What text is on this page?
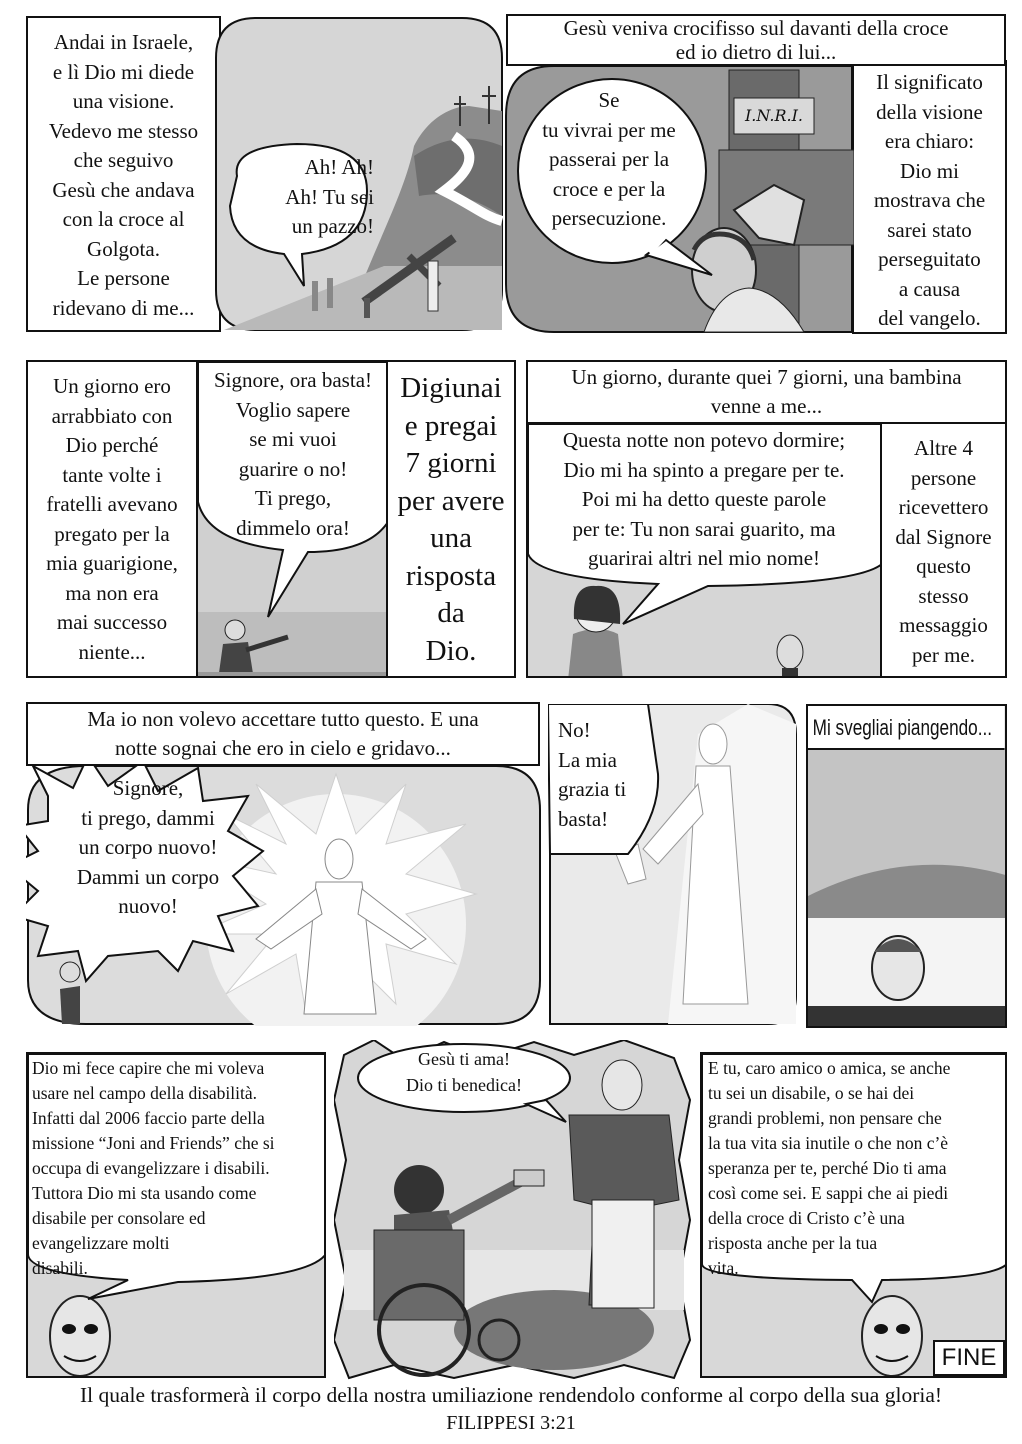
Andai in Israele,
e lì Dio mi diede
una visione.
Vedevo me stesso
che seguivo
Gesù che andava
con la croce al
Golgota.
Le persone
ridevano di me...
Ah! Ah!
Ah! Tu sei
un pazzo!
Gesù veniva crocifisso sul davanti della croce
ed io dietro di lui...
I.N.R.I.
Se
tu vivrai per me
passerai per la
croce e per la
persecuzione.
Il significato
della visione
era chiaro:
Dio mi
mostrava che
sarei stato
perseguitato
a causa
del vangelo.
Un giorno ero
arrabbiato con
Dio perché
tante volte i
fratelli avevano
pregato per la
mia guarigione,
ma non era
mai successo
niente...
Signore, ora basta!
Voglio sapere
se mi vuoi
guarire o no!
Ti prego,
dimmelo ora!
Digiunai
e pregai
7 giorni
per avere
una
risposta
da
Dio.
Un giorno, durante quei 7 giorni, una bambina
venne a me...
Questa notte non potevo dormire;
Dio mi ha spinto a pregare per te.
Poi mi ha detto queste parole
per te: Tu non sarai guarito, ma
guarirai altri nel mio nome!
Altre 4
persone
ricevettero
dal Signore
questo
stesso
messaggio
per me.
Ma io non volevo accettare tutto questo. E una
notte sognai che ero in cielo e gridavo...
Signore,
ti prego, dammi
un corpo nuovo!
Dammi un corpo
nuovo!
No!
La mia
grazia ti
basta!
Mi svegliai piangendo...
Dio mi fece capire che mi voleva
usare nel campo della disabilità.
Infatti dal 2006 faccio parte della
missione “Joni and Friends” che si
occupa di evangelizzare i disabili.
Tuttora Dio mi sta usando come
disabile per consolare ed
evangelizzare molti
disabili.
Gesù ti ama!
Dio ti benedica!
E tu, caro amico o amica, se anche
tu sei un disabile, o se hai dei
grandi problemi, non pensare che
la tua vita sia inutile o che non c’è
speranza per te, perché Dio ti ama
così come sei. E sappi che ai piedi
della croce di Cristo c’è una
risposta anche per la tua
vita.
FINE
Il quale trasformerà il corpo della nostra umiliazione rendendolo conforme al corpo della sua gloria!
FILIPPESI 3:21
